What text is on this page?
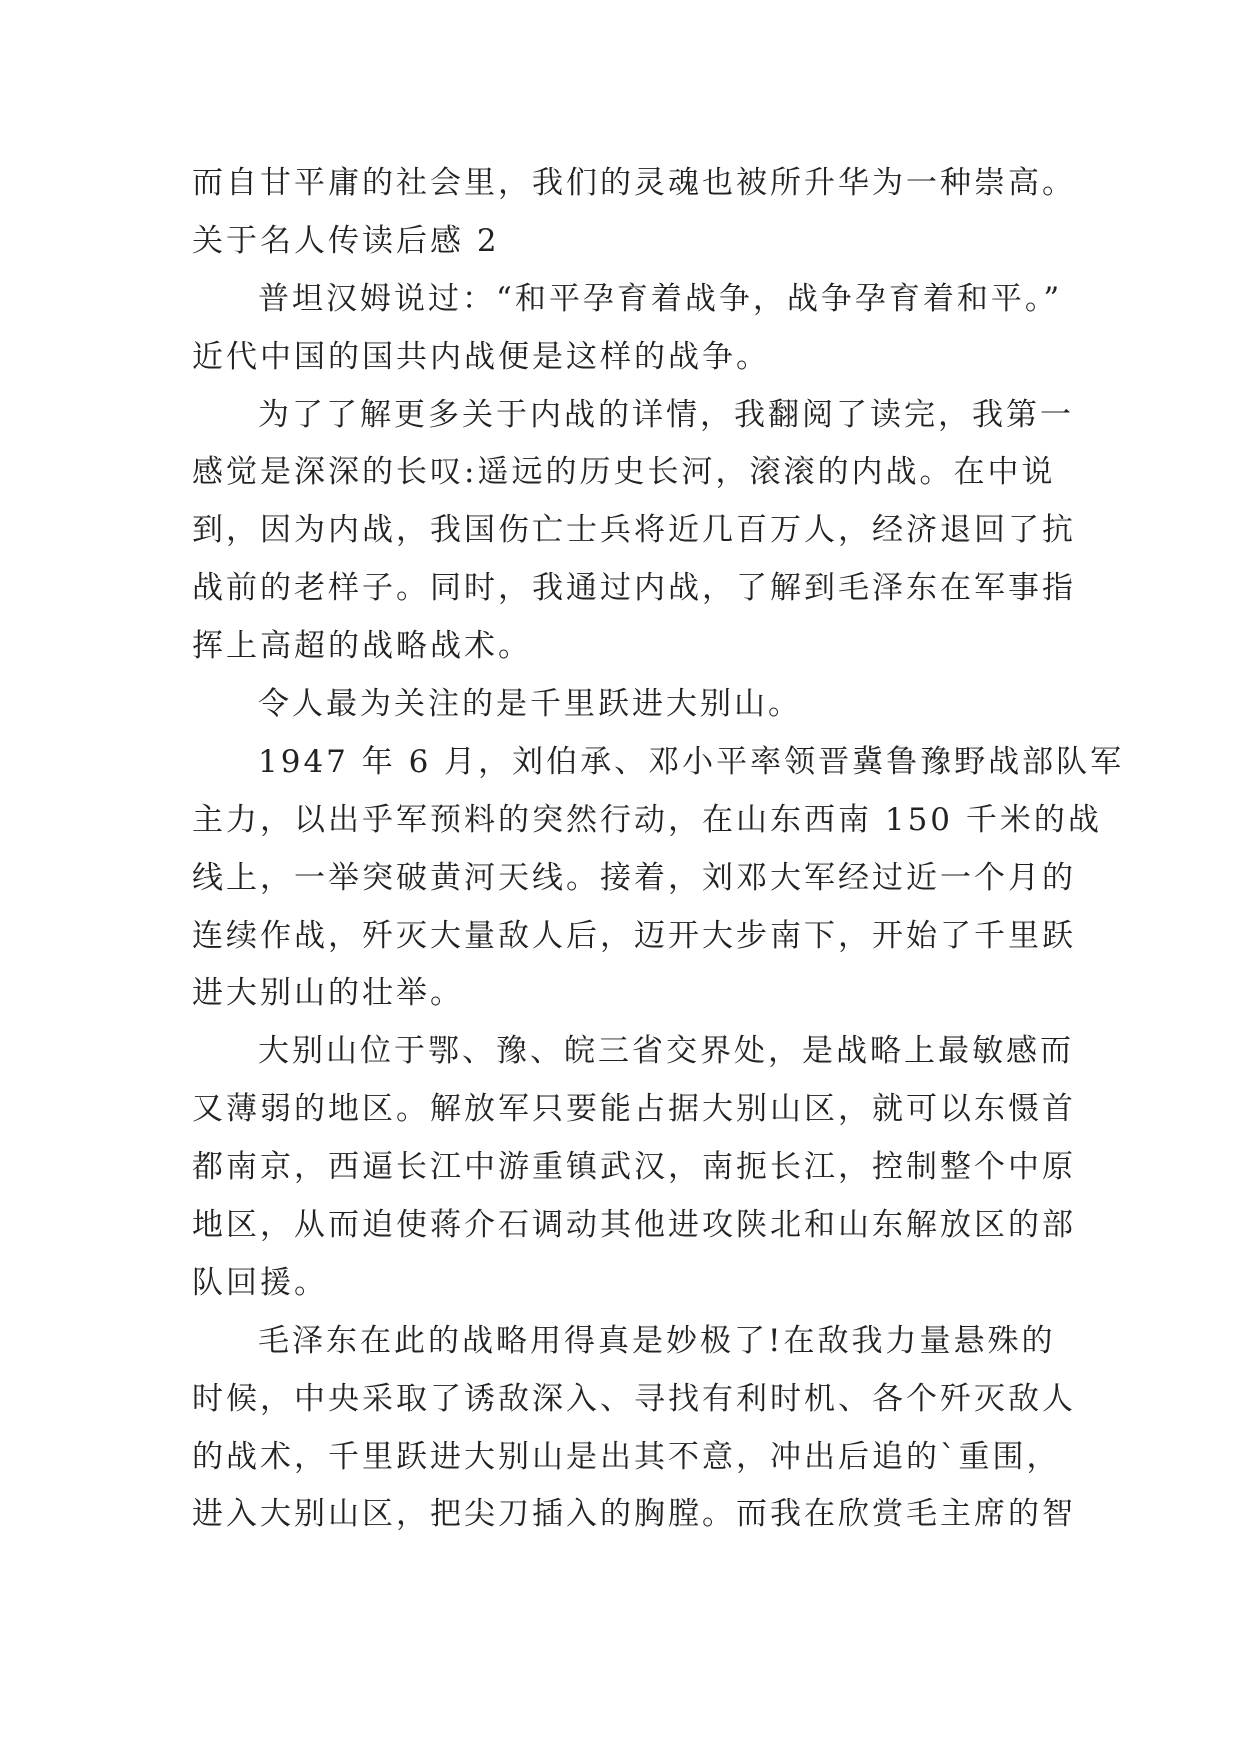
而自甘平庸的社会里，我们的灵魂也被所升华为一种崇高。
关于名人传读后感 2
普坦汉姆说过：“和平孕育着战争，战争孕育着和平。”
近代中国的国共内战便是这样的战争。
为了了解更多关于内战的详情，我翻阅了读完，我第一
感觉是深深的长叹:遥远的历史长河，滚滚的内战。在中说
到，因为内战，我国伤亡士兵将近几百万人，经济退回了抗
战前的老样子。同时，我通过内战，了解到毛泽东在军事指
挥上高超的战略战术。
令人最为关注的是千里跃进大别山。
1947 年 6 月，刘伯承、邓小平率领晋冀鲁豫野战部队军
主力，以出乎军预料的突然行动，在山东西南 150 千米的战
线上，一举突破黄河天线。接着，刘邓大军经过近一个月的
连续作战，歼灭大量敌人后，迈开大步南下，开始了千里跃
进大别山的壮举。
大别山位于鄂、豫、皖三省交界处，是战略上最敏感而
又薄弱的地区。解放军只要能占据大别山区，就可以东慑首
都南京，西逼长江中游重镇武汉，南扼长江，控制整个中原
地区，从而迫使蒋介石调动其他进攻陕北和山东解放区的部
队回援。
毛泽东在此的战略用得真是妙极了!在敌我力量悬殊的
时候，中央采取了诱敌深入、寻找有利时机、各个歼灭敌人
的战术，千里跃进大别山是出其不意，冲出后追的`重围，
进入大别山区，把尖刀插入的胸膛。而我在欣赏毛主席的智
